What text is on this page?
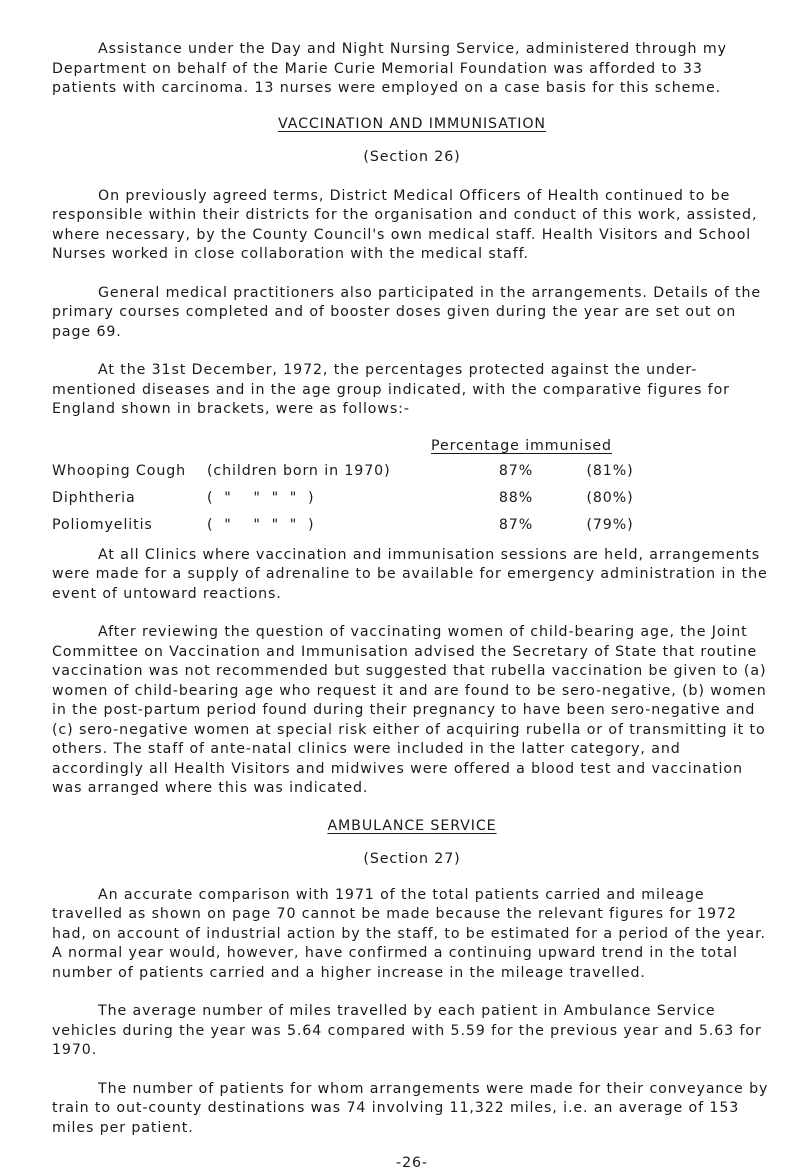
Assistance under the Day and Night Nursing Service, administered through my Department on behalf of the Marie Curie Memorial Foundation was afforded to 33 patients with carcinoma. 13 nurses were employed on a case basis for this scheme.

VACCINATION AND IMMUNISATION
(Section 26)

On previously agreed terms, District Medical Officers of Health continued to be responsible within their districts for the organisation and conduct of this work, assisted, where necessary, by the County Council's own medical staff. Health Visitors and School Nurses worked in close collaboration with the medical staff.

General medical practitioners also participated in the arrangements. Details of the primary courses completed and of booster doses given during the year are set out on page 69.

At the 31st December, 1972, the percentages protected against the under-mentioned diseases and in the age group indicated, with the comparative figures for England shown in brackets, were as follows:-

Percentage immunised
Whooping Cough	(children born in 1970)	87%	(81%)
Diphtheria	(  "    "  "  "  )	88%	(80%)
Poliomyelitis	(  "    "  "  "  )	87%	(79%)

At all Clinics where vaccination and immunisation sessions are held, arrangements were made for a supply of adrenaline to be available for emergency administration in the event of untoward reactions.

After reviewing the question of vaccinating women of child-bearing age, the Joint Committee on Vaccination and Immunisation advised the Secretary of State that routine vaccination was not recommended but suggested that rubella vaccination be given to (a) women of child-bearing age who request it and are found to be sero-negative, (b) women in the post-partum period found during their pregnancy to have been sero-negative and (c) sero-negative women at special risk either of acquiring rubella or of transmitting it to others. The staff of ante-natal clinics were included in the latter category, and accordingly all Health Visitors and midwives were offered a blood test and vaccination was arranged where this was indicated.

AMBULANCE SERVICE
(Section 27)

An accurate comparison with 1971 of the total patients carried and mileage travelled as shown on page 70 cannot be made because the relevant figures for 1972 had, on account of industrial action by the staff, to be estimated for a period of the year. A normal year would, however, have confirmed a continuing upward trend in the total number of patients carried and a higher increase in the mileage travelled.

The average number of miles travelled by each patient in Ambulance Service vehicles during the year was 5.64 compared with 5.59 for the previous year and 5.63 for 1970.

The number of patients for whom arrangements were made for their conveyance by train to out-county destinations was 74 involving 11,322 miles, i.e. an average of 153 miles per patient.

-26-
